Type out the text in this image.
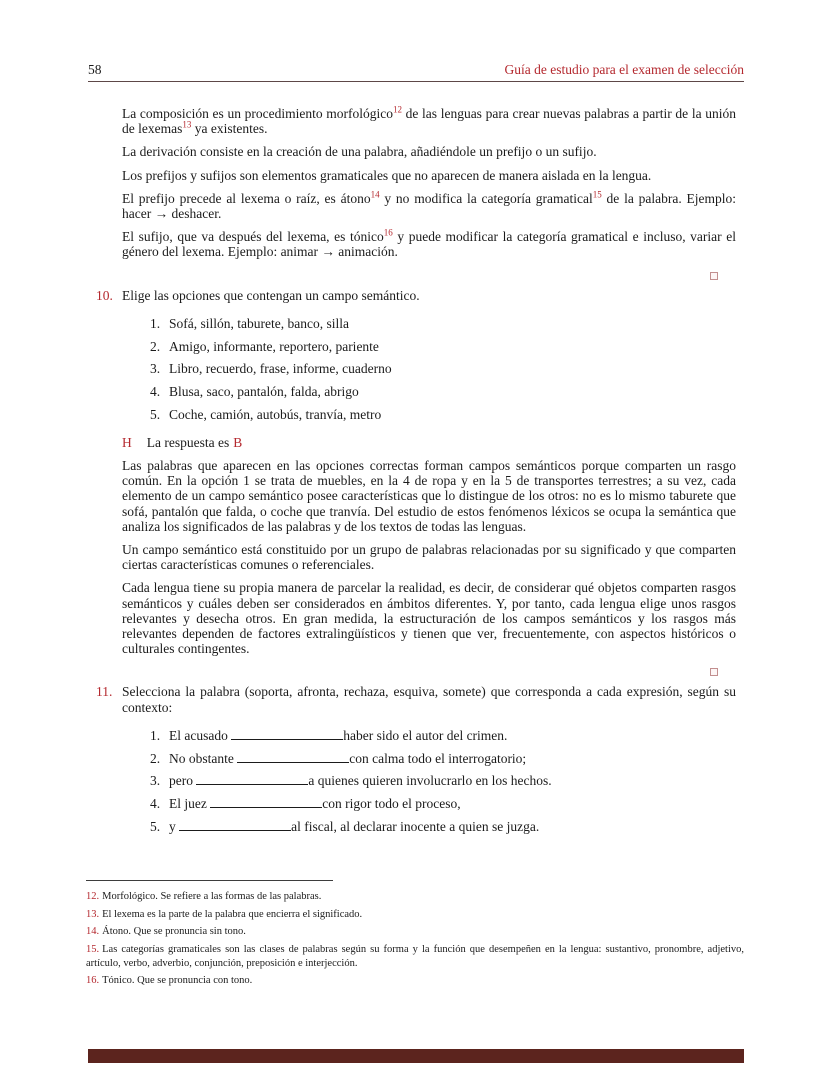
58	Guía de estudio para el examen de selección

La composición es un procedimiento morfológico$^{12}$ de las lenguas para crear nuevas palabras a partir de la unión de lexemas$^{13}$ ya existentes.

La derivación consiste en la creación de una palabra, añadiéndole un prefijo o un sufijo.

Los prefijos y sufijos son elementos gramaticales que no aparecen de manera aislada en la lengua.

El prefijo precede al lexema o raíz, es átono$^{14}$ y no modifica la categoría gramatical$^{15}$ de la palabra. Ejemplo: hacer → deshacer.

El sufijo, que va después del lexema, es tónico$^{16}$ y puede modificar la categoría gramatical e incluso, variar el género del lexema. Ejemplo: animar → animación.

10. Elige las opciones que contengan un campo semántico.
1. Sofá, sillón, taburete, banco, silla
2. Amigo, informante, reportero, pariente
3. Libro, recuerdo, frase, informe, cuaderno
4. Blusa, saco, pantalón, falda, abrigo
5. Coche, camión, autobús, tranvía, metro
H La respuesta es B

Las palabras que aparecen en las opciones correctas forman campos semánticos porque comparten un rasgo común. En la opción 1 se trata de muebles, en la 4 de ropa y en la 5 de transportes terrestres; a su vez, cada elemento de un campo semántico posee características que lo distingue de los otros: no es lo mismo taburete que sofá, pantalón que falda, o coche que tranvía. Del estudio de estos fenómenos léxicos se ocupa la semántica que analiza los significados de las palabras y de los textos de todas las lenguas.

Un campo semántico está constituido por un grupo de palabras relacionadas por su significado y que comparten ciertas características comunes o referenciales.

Cada lengua tiene su propia manera de parcelar la realidad, es decir, de considerar qué objetos comparten rasgos semánticos y cuáles deben ser considerados en ámbitos diferentes. Y, por tanto, cada lengua elige unos rasgos relevantes y desecha otros. En gran medida, la estructuración de los campos semánticos y los rasgos más relevantes dependen de factores extralingüísticos y tienen que ver, frecuentemente, con aspectos históricos o culturales contingentes.

11. Selecciona la palabra (soporta, afronta, rechaza, esquiva, somete) que corresponda a cada expresión, según su contexto:
1. El acusado	haber sido el autor del crimen.
2. No obstante	con calma todo el interrogatorio;
3. pero	a quienes quieren involucrarlo en los hechos.
4. El juez	con rigor todo el proceso,
5. y	al fiscal, al declarar inocente a quien se juzga.
12. Morfológico. Se refiere a las formas de las palabras.
13. El lexema es la parte de la palabra que encierra el significado.
14. Átono. Que se pronuncia sin tono.
15. Las categorías gramaticales son las clases de palabras según su forma y la función que desempeñen en la lengua: sustantivo, pronombre, adjetivo, artículo, verbo, adverbio, conjunción, preposición e interjección.
16. Tónico. Que se pronuncia con tono.
